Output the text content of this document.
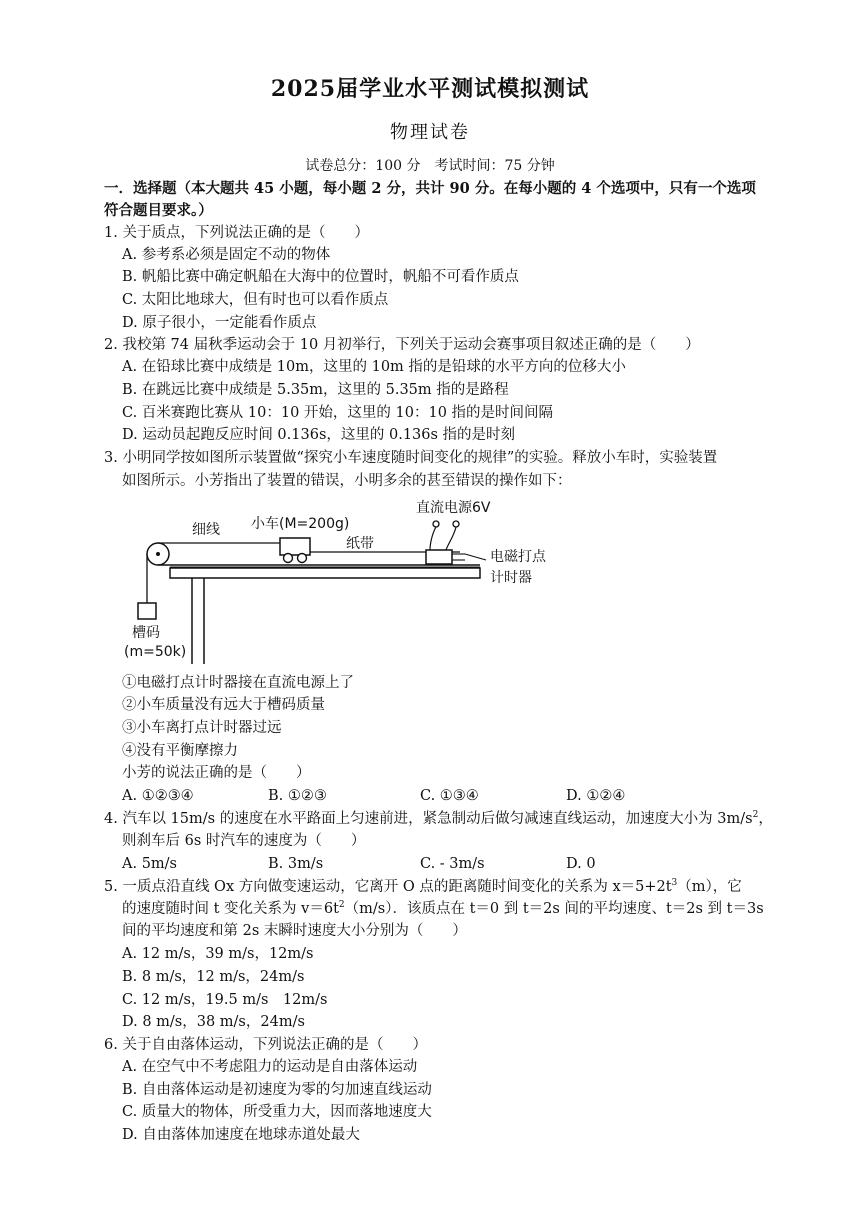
2025届学业水平测试模拟测试
物理试卷
试卷总分：100 分　考试时间：75 分钟
一．选择题（本大题共 45 小题，每小题 2 分，共计 90 分。在每小题的 4 个选项中，只有一个选项符合题目要求。）
1. 关于质点，下列说法正确的是（　　）
A. 参考系必须是固定不动的物体
B. 帆船比赛中确定帆船在大海中的位置时，帆船不可看作质点
C. 太阳比地球大，但有时也可以看作质点
D. 原子很小，一定能看作质点
2. 我校第 74 届秋季运动会于 10 月初举行，下列关于运动会赛事项目叙述正确的是（　　）
A. 在铅球比赛中成绩是 10m，这里的 10m 指的是铅球的水平方向的位移大小
B. 在跳远比赛中成绩是 5.35m，这里的 5.35m 指的是路程
C. 百米赛跑比赛从 10：10 开始，这里的 10：10 指的是时间间隔
D. 运动员起跑反应时间 0.136s，这里的 0.136s 指的是时刻
3. 小明同学按如图所示装置做“探究小车速度随时间变化的规律”的实验。释放小车时，实验装置
如图所示。小芳指出了装置的错误，小明多余的甚至错误的操作如下：
直流电源6V
细线 小车(M=200g)
纸带
电磁打点
计时器
槽码
(m=50k)
①电磁打点计时器接在直流电源上了
②小车质量没有远大于槽码质量
③小车离打点计时器过远
④没有平衡摩擦力
小芳的说法正确的是（　　）
A. ①②③④	B. ①②③	C. ①③④	D. ①②④
4. 汽车以 15m/s 的速度在水平路面上匀速前进，紧急制动后做匀减速直线运动，加速度大小为 $3m/s^2$，
则刹车后 6s 时汽车的速度为（　　）
A. 5m/s	B. 3m/s	C. - 3m/s	D. 0
5. 一质点沿直线 Ox 方向做变速运动，它离开 O 点的距离随时间变化的关系为 $x=5+2t^3(m)$，它
的速度随时间 t 变化关系为 $v=6t^2(m/s)$．该质点在 t＝0 到 t＝2s 间的平均速度、t＝2s 到 t＝3s
间的平均速度和第 2s 末瞬时速度大小分别为（　　）
A. 12 m/s，39 m/s，12m/s
B. 8 m/s，12 m/s，24m/s
C. 12 m/s，19.5 m/s　12m/s
D. 8 m/s，38 m/s，24m/s
6. 关于自由落体运动，下列说法正确的是（　　）
A. 在空气中不考虑阻力的运动是自由落体运动
B. 自由落体运动是初速度为零的匀加速直线运动
C. 质量大的物体，所受重力大，因而落地速度大
D. 自由落体加速度在地球赤道处最大
